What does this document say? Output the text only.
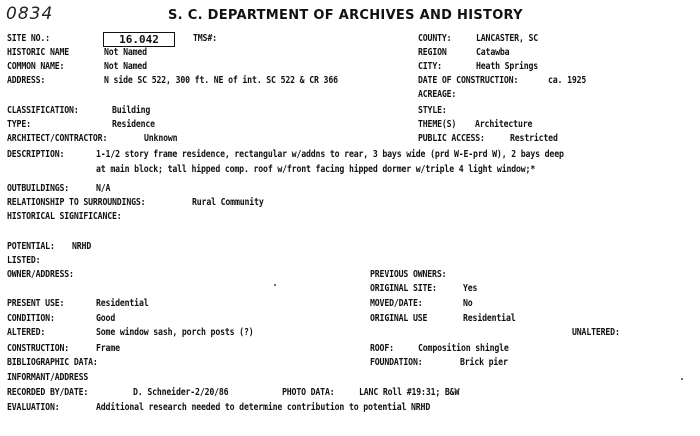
0834	S. C. DEPARTMENT OF ARCHIVES AND HISTORY
SITE NO.:	16.042	TMS#:
HISTORIC NAME	Not Named
COMMON NAME:	Not Named
ADDRESS:	N side SC 522, 300 ft. NE of int. SC 522 & CR 366
COUNTY: LANCASTER, SC
REGION	Catawba
CITY:	Heath Springs
DATE OF CONSTRUCTION:	ca. 1925
ACREAGE:
STYLE:
THEME(S) Architecture
PUBLIC ACCESS:	Restricted
CLASSIFICATION:	Building
TYPE:	Residence
ARCHITECT/CONTRACTOR:	Unknown
DESCRIPTION:	1-1/2 story frame residence, rectangular w/addns to rear, 3 bays wide (prd W-E-prd W), 2 bays deep
at main block; tall hipped comp. roof w/front facing hipped dormer w/triple 4 light window;*
OUTBUILDINGS:	N/A
RELATIONSHIP TO SURROUNDINGS:	Rural Community
HISTORICAL SIGNIFICANCE:
POTENTIAL: NRHD
LISTED:
OWNER/ADDRESS:	PREVIOUS OWNERS:
ORIGINAL SITE:	Yes
MOVED/DATE:	No
ORIGINAL USE	Residential
PRESENT USE:	Residential
CONDITION:	Good
ALTERED:	Some window sash, porch posts (?)	UNALTERED:
CONSTRUCTION:	Frame	ROOF: Composition shingle
BIBLIOGRAPHIC DATA:	FOUNDATION:	Brick pier
INFORMANT/ADDRESS
RECORDED BY/DATE:	D. Schneider-2/20/86	PHOTO DATA: LANC Roll #19:31; B&W
EVALUATION:	Additional research needed to determine contribution to potential NRHD
